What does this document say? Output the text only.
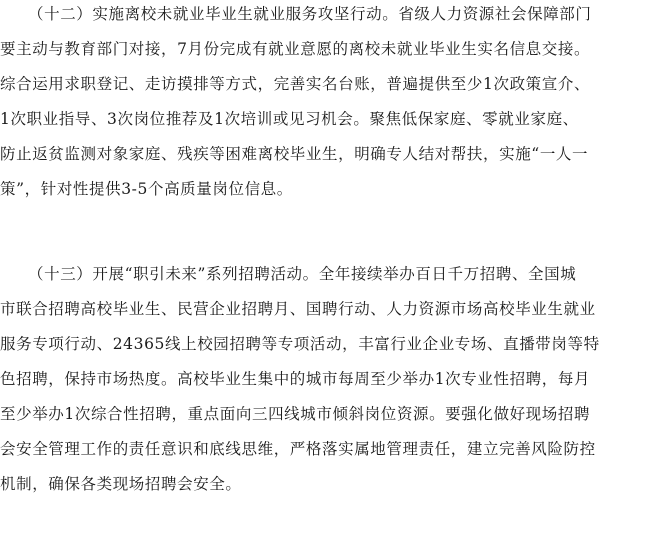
（十二）实施离校未就业毕业生就业服务攻坚行动。省级人力资源社会保障部门
要主动与教育部门对接，7月份完成有就业意愿的离校未就业毕业生实名信息交接。
综合运用求职登记、走访摸排等方式，完善实名台账，普遍提供至少1次政策宣介、
1次职业指导、3次岗位推荐及1次培训或见习机会。聚焦低保家庭、零就业家庭、
防止返贫监测对象家庭、残疾等困难离校毕业生，明确专人结对帮扶，实施“一人一
策”，针对性提供3-5个高质量岗位信息。
（十三）开展“职引未来”系列招聘活动。全年接续举办百日千万招聘、全国城
市联合招聘高校毕业生、民营企业招聘月、国聘行动、人力资源市场高校毕业生就业
服务专项行动、24365线上校园招聘等专项活动，丰富行业企业专场、直播带岗等特
色招聘，保持市场热度。高校毕业生集中的城市每周至少举办1次专业性招聘，每月
至少举办1次综合性招聘，重点面向三四线城市倾斜岗位资源。要强化做好现场招聘
会安全管理工作的责任意识和底线思维，严格落实属地管理责任，建立完善风险防控
机制，确保各类现场招聘会安全。
